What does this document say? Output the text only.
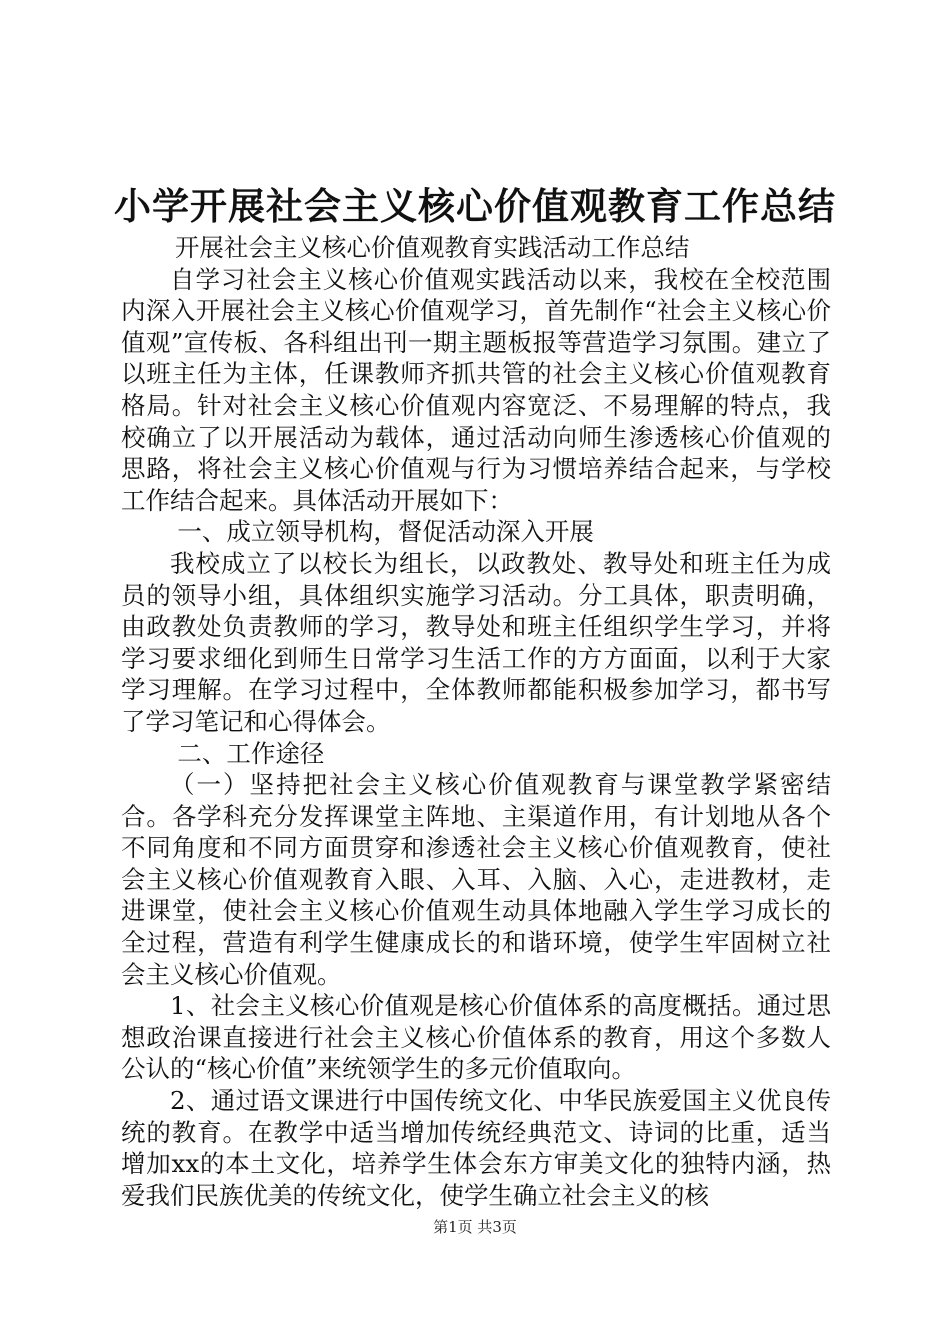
小学开展社会主义核心价值观教育工作总结

开展社会主义核心价值观教育实践活动工作总结

自学习社会主义核心价值观实践活动以来，我校在全校范围内深入开展社会主义核心价值观学习，首先制作“社会主义核心价值观”宣传板、各科组出刊一期主题板报等营造学习氛围。建立了以班主任为主体，任课教师齐抓共管的社会主义核心价值观教育格局。针对社会主义核心价值观内容宽泛、不易理解的特点，我校确立了以开展活动为载体，通过活动向师生渗透核心价值观的思路，将社会主义核心价值观与行为习惯培养结合起来，与学校工作结合起来。具体活动开展如下：

一、成立领导机构，督促活动深入开展

我校成立了以校长为组长，以政教处、教导处和班主任为成员的领导小组，具体组织实施学习活动。分工具体，职责明确，由政教处负责教师的学习，教导处和班主任组织学生学习，并将学习要求细化到师生日常学习生活工作的方方面面，以利于大家学习理解。在学习过程中，全体教师都能积极参加学习，都书写了学习笔记和心得体会。

二、工作途径

（一）坚持把社会主义核心价值观教育与课堂教学紧密结合。各学科充分发挥课堂主阵地、主渠道作用，有计划地从各个不同角度和不同方面贯穿和渗透社会主义核心价值观教育，使社会主义核心价值观教育入眼、入耳、入脑、入心，走进教材，走进课堂，使社会主义核心价值观生动具体地融入学生学习成长的全过程，营造有利学生健康成长的和谐环境，使学生牢固树立社会主义核心价值观。

1、社会主义核心价值观是核心价值体系的高度概括。通过思想政治课直接进行社会主义核心价值体系的教育，用这个多数人公认的“核心价值”来统领学生的多元价值取向。

2、通过语文课进行中国传统文化、中华民族爱国主义优良传统的教育。在教学中适当增加传统经典范文、诗词的比重，适当增加xx的本土文化，培养学生体会东方审美文化的独特内涵，热爱我们民族优美的传统文化，使学生确立社会主义的核

第1页 共3页
